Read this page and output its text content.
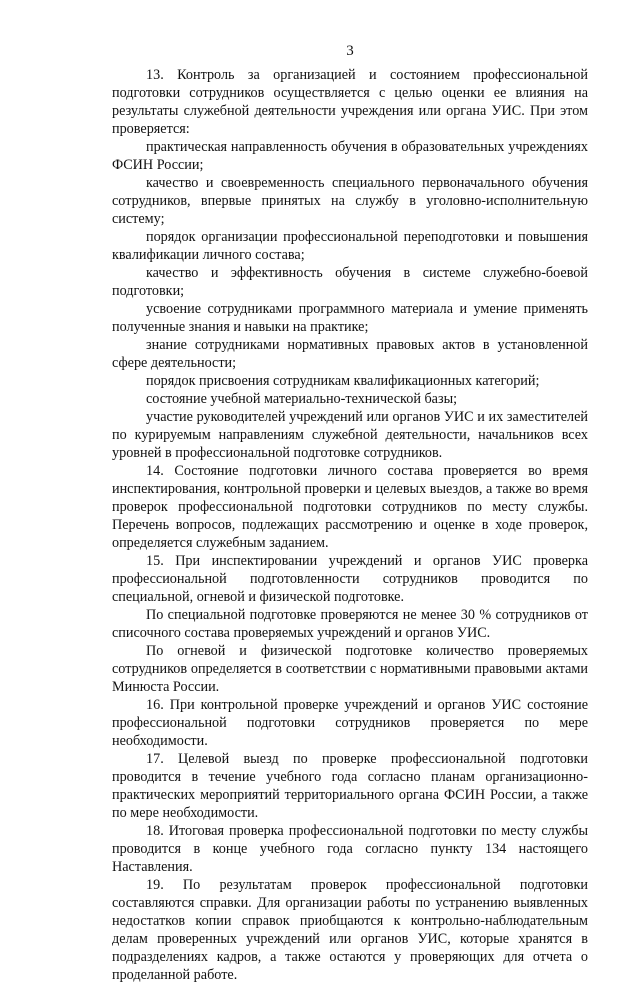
3

13. Контроль за организацией и состоянием профессиональной подготовки сотрудников осуществляется с целью оценки ее влияния на результаты служебной деятельности учреждения или органа УИС. При этом проверяется:

практическая направленность обучения в образовательных учреждениях ФСИН России;

качество и своевременность специального первоначального обучения сотрудников, впервые принятых на службу в уголовно-исполнительную систему;

порядок организации профессиональной переподготовки и повышения квалификации личного состава;

качество и эффективность обучения в системе служебно-боевой подготовки;

усвоение сотрудниками программного материала и умение применять полученные знания и навыки на практике;

знание сотрудниками нормативных правовых актов в установленной сфере деятельности;

порядок присвоения сотрудникам квалификационных категорий;

состояние учебной материально-технической базы;

участие руководителей учреждений или органов УИС и их заместителей по курируемым направлениям служебной деятельности, начальников всех уровней в профессиональной подготовке сотрудников.

14. Состояние подготовки личного состава проверяется во время инспектирования, контрольной проверки и целевых выездов, а также во время проверок профессиональной подготовки сотрудников по месту службы. Перечень вопросов, подлежащих рассмотрению и оценке в ходе проверок, определяется служебным заданием.

15. При инспектировании учреждений и органов УИС проверка профессиональной подготовленности сотрудников проводится по специальной, огневой и физической подготовке.

По специальной подготовке проверяются не менее 30 % сотрудников от списочного состава проверяемых учреждений и органов УИС.

По огневой и физической подготовке количество проверяемых сотрудников определяется в соответствии с нормативными правовыми актами Минюста России.

16. При контрольной проверке учреждений и органов УИС состояние профессиональной подготовки сотрудников проверяется по мере необходимости.

17. Целевой выезд по проверке профессиональной подготовки проводится в течение учебного года согласно планам организационно-практических мероприятий территориального органа ФСИН России, а также по мере необходимости.

18. Итоговая проверка профессиональной подготовки по месту службы проводится в конце учебного года согласно пункту 134 настоящего Наставления.

19. По результатам проверок профессиональной подготовки составляются справки. Для организации работы по устранению выявленных недостатков копии справок приобщаются к контрольно-наблюдательным делам проверенных учреждений или органов УИС, которые хранятся в подразделениях кадров, а также остаются у проверяющих для отчета о проделанной работе.
